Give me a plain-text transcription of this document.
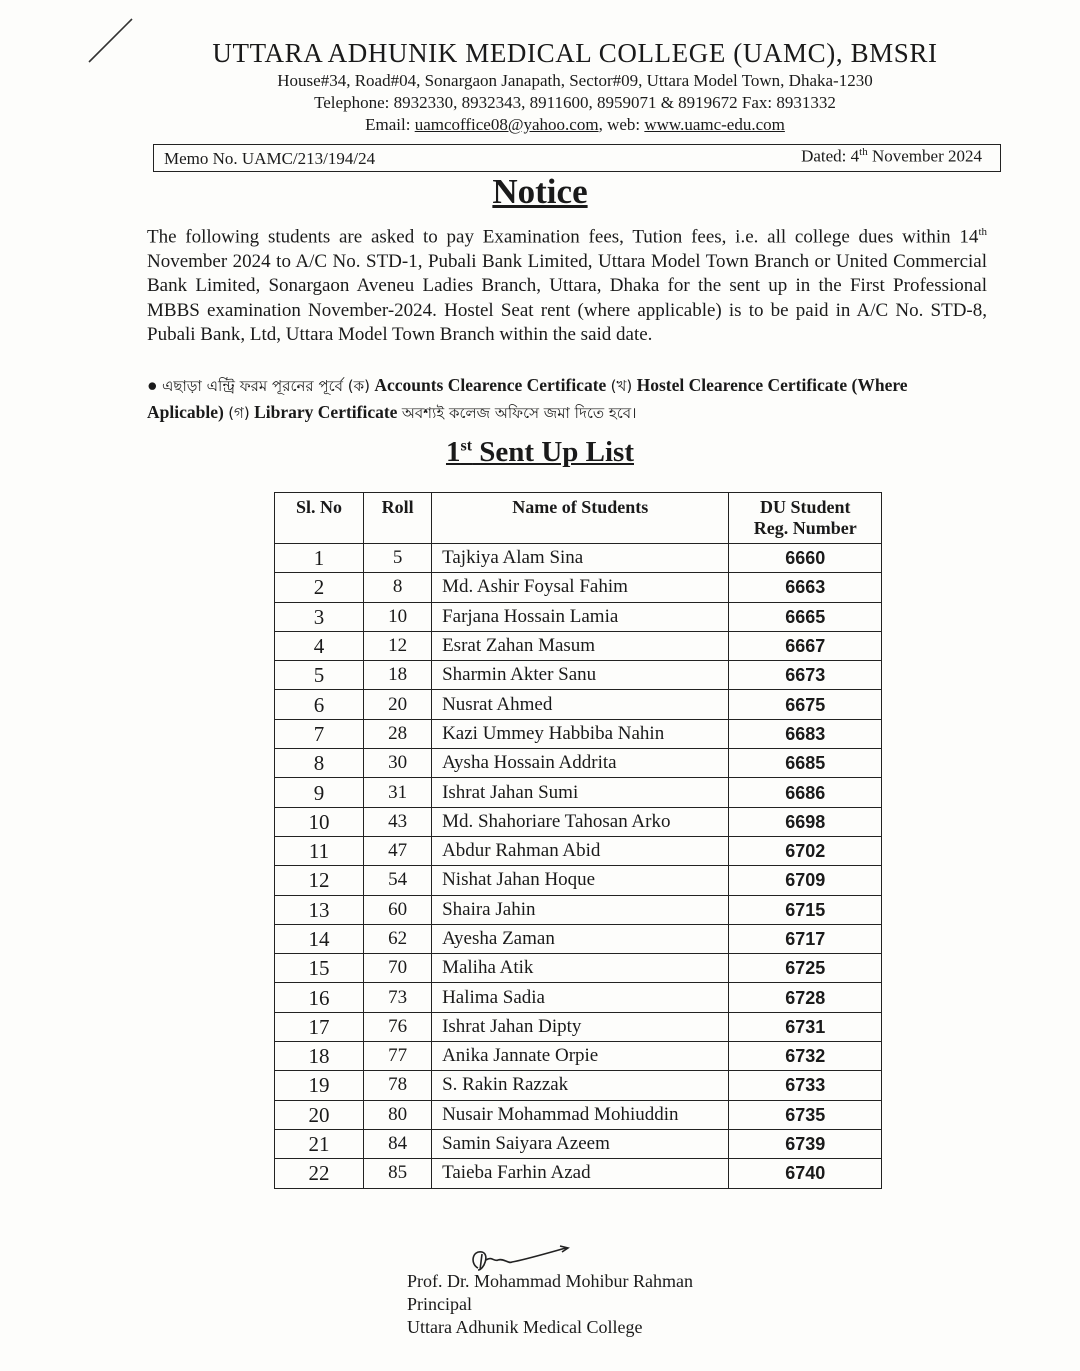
UTTARA ADHUNIK MEDICAL COLLEGE (UAMC), BMSRI
House#34, Road#04, Sonargaon Janapath, Sector#09, Uttara Model Town, Dhaka-1230
Telephone: 8932330, 8932343, 8911600, 8959071 & 8919672 Fax: 8931332
Email: uamcoffice08@yahoo.com, web: www.uamc-edu.com
Memo No. UAMC/213/194/24	Dated: 4th November 2024
Notice
The following students are asked to pay Examination fees, Tution fees, i.e. all college dues within 14th November 2024 to A/C No. STD-1, Pubali Bank Limited, Uttara Model Town Branch or United Commercial Bank Limited, Sonargaon Aveneu Ladies Branch, Uttara, Dhaka for the sent up in the First Professional MBBS examination November-2024. Hostel Seat rent (where applicable) is to be paid in A/C No. STD-8, Pubali Bank, Ltd, Uttara Model Town Branch within the said date.
● এছাড়া এন্ট্রি ফরম পূরনের পূর্বে (ক) Accounts Clearence Certificate (খ) Hostel Clearence Certificate (Where Aplicable) (গ) Library Certificate অবশ্যই কলেজ অফিসে জমা দিতে হবে।
1st Sent Up List
Sl. No	Roll	Name of Students	DU Student
Reg. Number

1	5	Tajkiya Alam Sina	6660
2	8	Md. Ashir Foysal Fahim	6663
3	10	Farjana Hossain Lamia	6665
4	12	Esrat Zahan Masum	6667
5	18	Sharmin Akter Sanu	6673
6	20	Nusrat Ahmed	6675
7	28	Kazi Ummey Habbiba Nahin	6683
8	30	Aysha Hossain Addrita	6685
9	31	Ishrat Jahan Sumi	6686
10	43	Md. Shahoriare Tahosan Arko	6698
11	47	Abdur Rahman Abid	6702
12	54	Nishat Jahan Hoque	6709
13	60	Shaira Jahin	6715
14	62	Ayesha Zaman	6717
15	70	Maliha Atik	6725
16	73	Halima Sadia	6728
17	76	Ishrat Jahan Dipty	6731
18	77	Anika Jannate Orpie	6732
19	78	S. Rakin Razzak	6733
20	80	Nusair Mohammad Mohiuddin	6735
21	84	Samin Saiyara Azeem	6739
22	85	Taieba Farhin Azad	6740
Prof. Dr. Mohammad Mohibur Rahman
Principal
Uttara Adhunik Medical College
